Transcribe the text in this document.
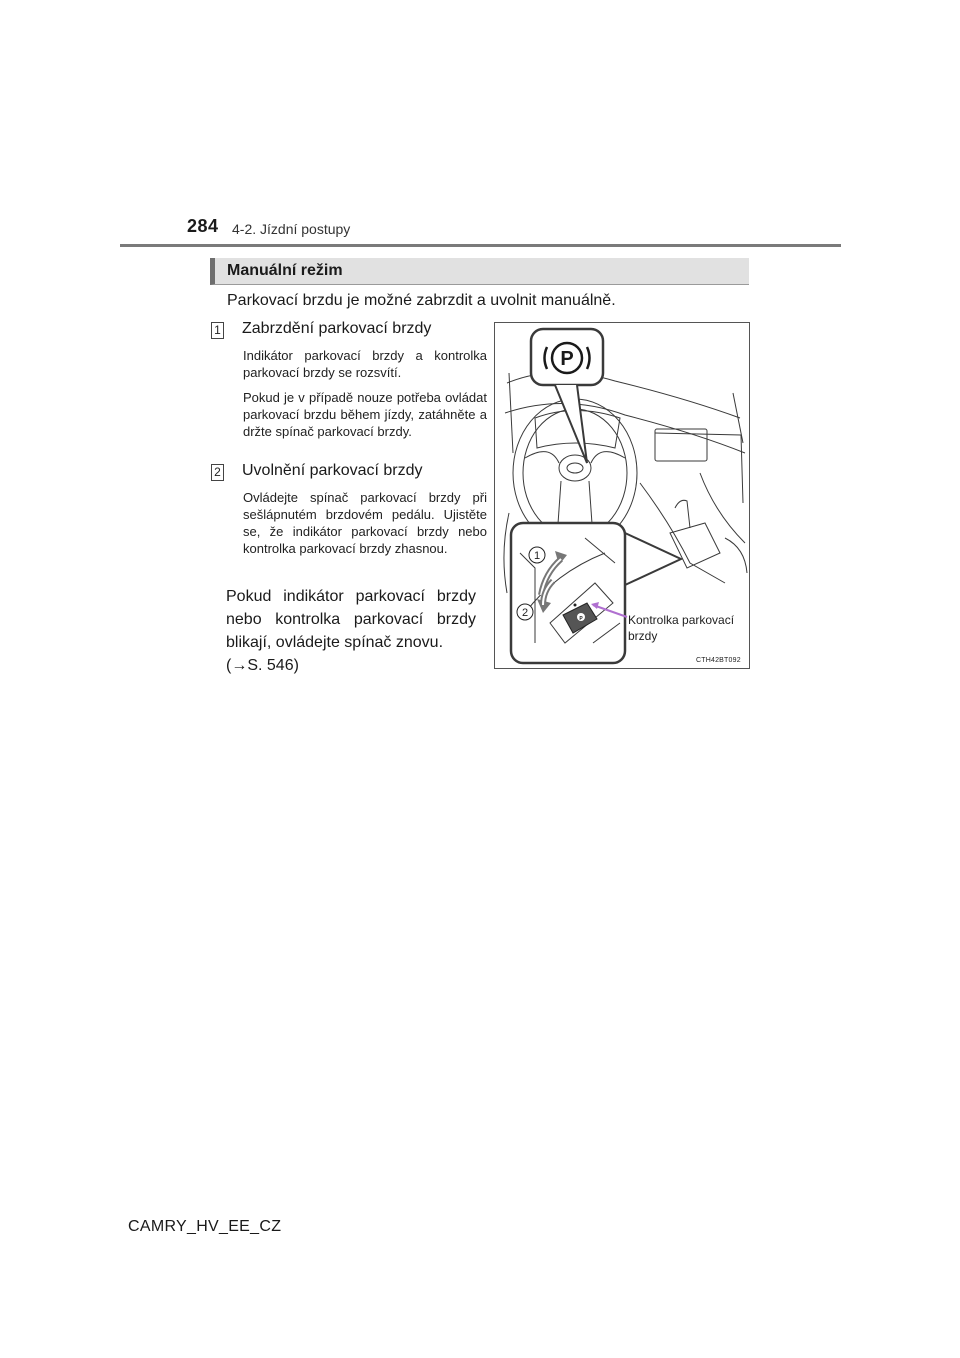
284 4-2. Jízdní postupy
Manuální režim
Parkovací brzdu je možné zabrzdit a uvolnit manuálně.
1 Zabrzdění parkovací brzdy
Indikátor parkovací brzdy a kontrolka parkovací brzdy se rozsvítí.
Pokud je v případě nouze potřeba ovládat parkovací brzdu během jízdy, zatáhněte a držte spínač parkovací brzdy.
2 Uvolnění parkovací brzdy
Ovládejte spínač parkovací brzdy při sešlápnutém brzdovém pedálu. Ujistěte se, že indikátor parkovací brzdy nebo kontrolka parkovací brzdy zhasnou.
Pokud indikátor parkovací brzdy nebo kontrolka parkovací brzdy blikají, ovládejte spínač znovu.
(→S. 546)
P
P
1
2	Kontrolka parkovací
brzdy
CTH42BT092
CAMRY_HV_EE_CZ
